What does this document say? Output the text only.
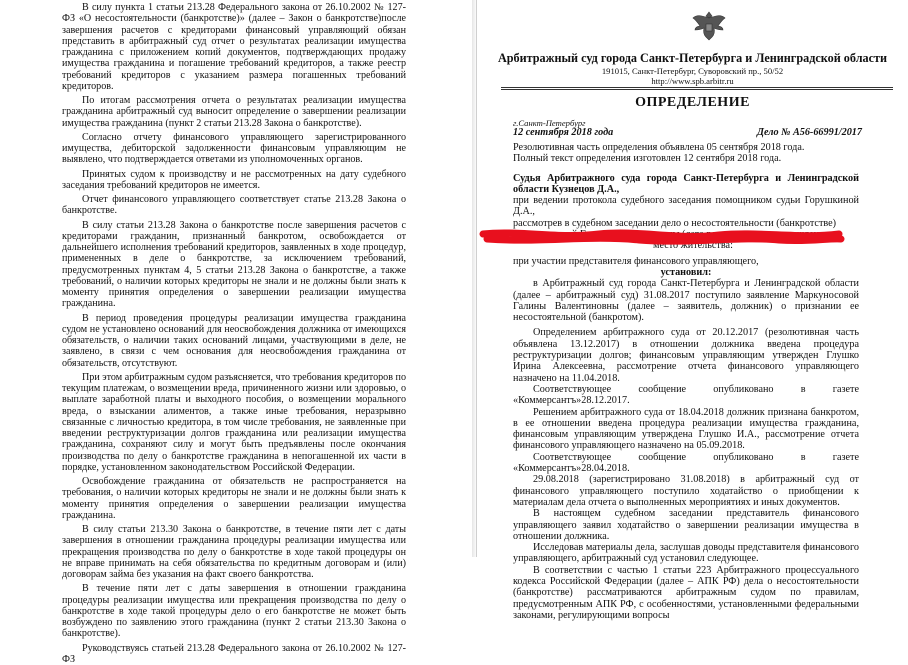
В силу пункта 1 статьи 213.28 Федерального закона от 26.10.2002 № 127-ФЗ «О несостоятельности (банкротстве)» (далее – Закон о банкротстве)после завершения расчетов с кредиторами финансовый управляющий обязан представить в арбитражный суд отчет о результатах реализации имущества гражданина с приложением копий документов, подтверждающих продажу имущества гражданина и погашение требований кредиторов, а также реестр требований кредиторов с указанием размера погашенных требований кредиторов.

По итогам рассмотрения отчета о результатах реализации имущества гражданина арбитражный суд выносит определение о завершении реализации имущества гражданина (пункт 2 статьи 213.28 Закона о банкротстве).

Согласно отчету финансового управляющего зарегистрированного имущества, дебиторской задолженности финансовым управляющим не выявлено, что подтверждается ответами из уполномоченных органов.

Принятых судом к производству и не рассмотренных на дату судебного заседания требований кредиторов не имеется.

Отчет финансового управляющего соответствует статье 213.28 Закона о банкротстве.

В силу статьи 213.28 Закона о банкротстве после завершения расчетов с кредиторами гражданин, признанный банкротом, освобождается от дальнейшего исполнения требований кредиторов, заявленных в ходе процедур, примененных в деле о банкротстве, за исключением требований, предусмотренных пунктам 4, 5 статьи 213.28 Закона о банкротстве, а также требований, о наличии которых кредиторы не знали и не должны были знать к моменту принятия определения о завершении реализации имущества гражданина.

В период проведения процедуры реализации имущества гражданина судом не установлено оснований для неосвобождения должника от имеющихся обязательств, о наличии таких оснований лицами, участвующими в деле, не заявлено, в связи с чем основания для неосвобождения гражданина от обязательств, отсутствуют.

При этом арбитражным судом разъясняется, что требования кредиторов по текущим платежам, о возмещении вреда, причиненного жизни или здоровью, о выплате заработной платы и выходного пособия, о возмещении морального вреда, о взыскании алиментов, а также иные требования, неразрывно связанные с личностью кредитора, в том числе требования, не заявленные при введении реструктуризации долгов гражданина или реализации имущества гражданина, сохраняют силу и могут быть предъявлены после окончания производства по делу о банкротстве гражданина в непогашенной их части в порядке, установленном законодательством Российской Федерации.

Освобождение гражданина от обязательств не распространяется на требования, о наличии которых кредиторы не знали и не должны были знать к моменту принятия определения о завершении реализации имущества гражданина.

В силу статьи 213.30 Закона о банкротстве, в течение пяти лет с даты завершения в отношении гражданина процедуры реализации имущества или прекращения производства по делу о банкротстве в ходе такой процедуры он не вправе принимать на себя обязательства по кредитным договорам и (или) договорам займа без указания на факт своего банкротства.

В течение пяти лет с даты завершения в отношении гражданина процедуры реализации имущества или прекращения производства по делу о банкротстве в ходе такой процедуры дело о его банкротстве не может быть возбуждено по заявлению этого гражданина (пункт 2 статьи 213.30 Закона о банкротстве).

Руководствуясь статьей 213.28 Федерального закона от 26.10.2002 № 127-ФЗ

Арбитражный суд города Санкт-Петербурга и Ленинградской области
191015, Санкт-Петербург, Суворовский пр., 50/52
http://www.spb.arbitr.ru
ОПРЕДЕЛЕНИЕ
г.Санкт-Петербург
12 сентября 2018 года	Дело № А56-66991/2017

Резолютивная часть определения объявлена 05 сентября 2018 года.

Полный текст определения изготовлен 12 сентября 2018 года.

Судья Арбитражного суда города Санкт-Петербурга и Ленинградской области Кузнецов Д.А.,

при ведении протокола судебного заседания помощником судьи Горушкиной Д.А.,

рассмотрев в судебном заседании дело о несостоятельности (банкротстве)

Маркуносовой Галины Валентиновны (дата рождения и место рождения:

место жительства:

при участии представителя финансового управляющего,

установил:

в Арбитражный суд города Санкт-Петербурга и Ленинградской области (далее – арбитражный суд) 31.08.2017 поступило заявление Маркуносовой Галины Валентиновны (далее – заявитель, должник) о признании ее несостоятельной (банкротом).

Определением арбитражного суда от 20.12.2017 (резолютивная часть объявлена 13.12.2017) в отношении должника введена процедура реструктуризации долгов; финансовым управляющим утвержден Глушко Ирина Алексеевна, рассмотрение отчета финансового управляющего назначено на 11.04.2018.

Соответствующее сообщение опубликовано в газете «Коммерсантъ»28.12.2017.

Решением арбитражного суда от 18.04.2018 должник признана банкротом, в ее отношении введена процедура реализации имущества гражданина, финансовым управляющим утверждена Глушко И.А., рассмотрение отчета финансового управляющего назначено на 05.09.2018.

Соответствующее сообщение опубликовано в газете «Коммерсантъ»28.04.2018.

29.08.2018 (зарегистрировано 31.08.2018) в арбитражный суд от финансового управляющего поступило ходатайство о приобщении к материалам дела отчета о выполненных мероприятиях и иных документов.

В настоящем судебном заседании представитель финансового управляющего заявил ходатайство о завершении реализации имущества в отношении должника.

Исследовав материалы дела, заслушав доводы представителя финансового управляющего, арбитражный суд установил следующее.

В соответствии с частью 1 статьи 223 Арбитражного процессуального кодекса Российской Федерации (далее – АПК РФ) дела о несостоятельности (банкротстве) рассматриваются арбитражным судом по правилам, предусмотренным АПК РФ, с особенностями, установленными федеральными законами, регулирующими вопросы
